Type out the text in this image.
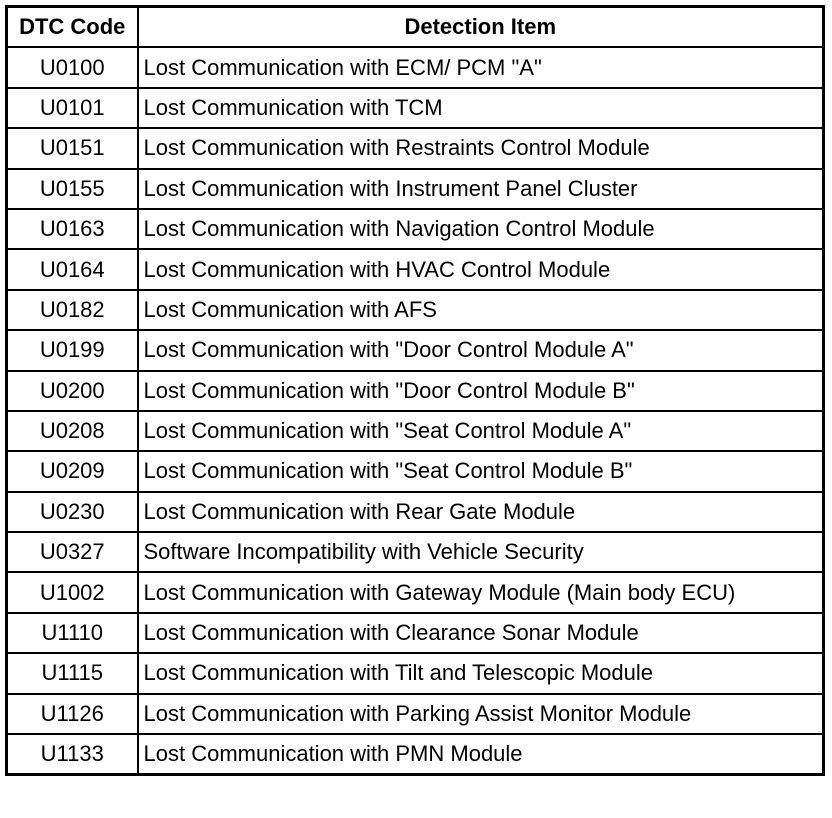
DTC Code	Detection Item
U0100	Lost Communication with ECM/ PCM "A"
U0101	Lost Communication with TCM
U0151	Lost Communication with Restraints Control Module
U0155	Lost Communication with Instrument Panel Cluster
U0163	Lost Communication with Navigation Control Module
U0164	Lost Communication with HVAC Control Module
U0182	Lost Communication with AFS
U0199	Lost Communication with "Door Control Module A"
U0200	Lost Communication with "Door Control Module B"
U0208	Lost Communication with "Seat Control Module A"
U0209	Lost Communication with "Seat Control Module B"
U0230	Lost Communication with Rear Gate Module
U0327	Software Incompatibility with Vehicle Security
U1002	Lost Communication with Gateway Module (Main body ECU)
U1110	Lost Communication with Clearance Sonar Module
U1115	Lost Communication with Tilt and Telescopic Module
U1126	Lost Communication with Parking Assist Monitor Module
U1133	Lost Communication with PMN Module
